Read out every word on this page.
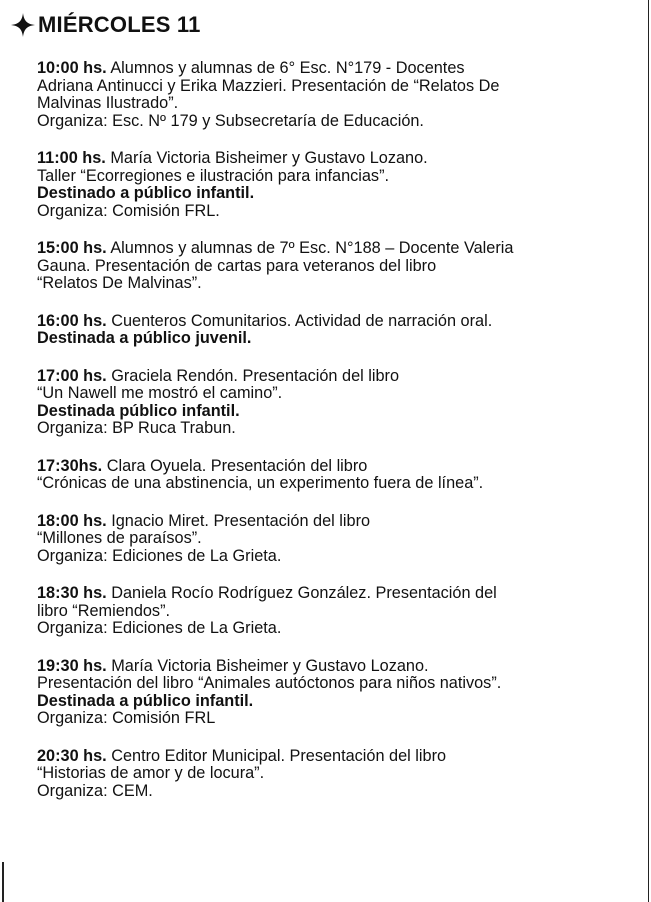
MIÉRCOLES 11
10:00 hs. Alumnos y alumnas de 6° Esc. N°179 - Docentes
Adriana Antinucci y Erika Mazzieri. Presentación de “Relatos De
Malvinas Ilustrado”.
Organiza: Esc. Nº 179 y Subsecretaría de Educación.
11:00 hs. María Victoria Bisheimer y Gustavo Lozano.
Taller “Ecorregiones e ilustración para infancias”.
Destinado a público infantil.
Organiza: Comisión FRL.
15:00 hs. Alumnos y alumnas de 7º Esc. N°188 – Docente Valeria
Gauna. Presentación de cartas para veteranos del libro
“Relatos De Malvinas”.
16:00 hs. Cuenteros Comunitarios. Actividad de narración oral.
Destinada a público juvenil.
17:00 hs. Graciela Rendón. Presentación del libro
“Un Nawell me mostró el camino”.
Destinada público infantil.
Organiza: BP Ruca Trabun.
17:30hs. Clara Oyuela. Presentación del libro
“Crónicas de una abstinencia, un experimento fuera de línea”.
18:00 hs. Ignacio Miret. Presentación del libro
“Millones de paraísos”.
Organiza: Ediciones de La Grieta.
18:30 hs. Daniela Rocío Rodríguez González. Presentación del
libro “Remiendos”.
Organiza: Ediciones de La Grieta.
19:30 hs. María Victoria Bisheimer y Gustavo Lozano.
Presentación del libro “Animales autóctonos para niños nativos”.
Destinada a público infantil.
Organiza: Comisión FRL
20:30 hs. Centro Editor Municipal. Presentación del libro
“Historias de amor y de locura”.
Organiza: CEM.
